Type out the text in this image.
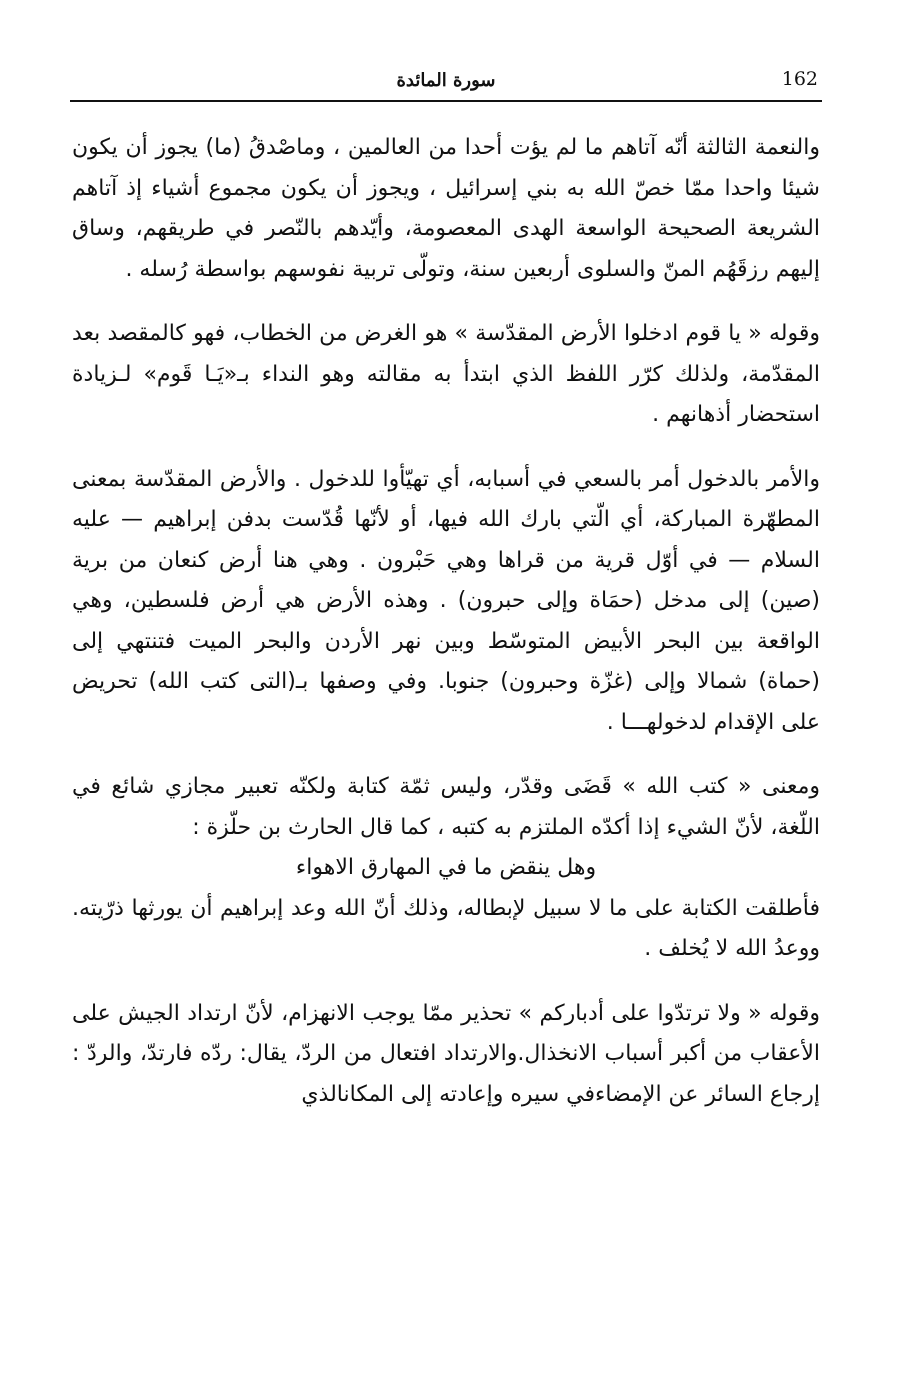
162
سورة المائدة

والنعمة الثالثة أنّه آتاهم ما لم يؤت أحدا من العالمين ، وماصْدقُ (ما) يجوز أن يكون شيئا واحدا ممّا خصّ الله به بني إسرائيل ، ويجوز أن يكون مجموع أشياء إذ آتاهم الشريعة الصحيحة الواسعة الهدى المعصومة، وأيّدهم بالنّصر في طريقهم، وساق إليهم رزقَهُم المنّ والسلوى أربعين سنة، وتولّى تربية نفوسهم بواسطة رُسله .

وقوله « يا قوم ادخلوا الأرض المقدّسة » هو الغرض من الخطاب، فهو كالمقصد بعد المقدّمة، ولذلك كرّر اللفظ الذي ابتدأ به مقالته وهو النداء بـ«يَـا قَوم» لـزيادة استحضار أذهانهم .

والأمر بالدخول أمر بالسعي في أسبابه، أي تهيّأوا للدخول . والأرض المقدّسة بمعنى المطهّرة المباركة، أي الّتي بارك الله فيها، أو لأنّها قُدّست بدفن إبراهيم — عليه السلام — في أوّل قرية من قراها وهي حَبْرون . وهي هنا أرض كنعان من برية (صين) إلى مدخل (حمَاة وإلى حبرون) . وهذه الأرض هي أرض فلسطين، وهي الواقعة بين البحر الأبيض المتوسّط وبين نهر الأردن والبحر الميت فتنتهي إلى (حماة) شمالا وإلى (غزّة وحبرون) جنوبا. وفي وصفها بـ(التى كتب الله) تحريض على الإقدام لدخولهـــا .

ومعنى « كتب الله » قَضَى وقدّر، وليس ثمّة كتابة ولكنّه تعبير مجازي شائع في اللّغة، لأنّ الشيء إذا أكدّه الملتزم به كتبه ، كما قال الحارث بن حلّزة :

وهل ينقض ما في المهارق الاهواء

فأطلقت الكتابة على ما لا سبيل لإبطاله، وذلك أنّ الله وعد إبراهيم أن يورثها ذرّيته. ووعدُ الله لا يُخلف .

وقوله « ولا ترتدّوا على أدباركم » تحذير ممّا يوجب الانهزام، لأنّ ارتداد الجيش على الأعقاب من أكبر أسباب الانخذال.والارتداد افتعال من الردّ، يقال: ردّه فارتدّ، والردّ : إرجاع السائر عن الإمضاءفي سيره وإعادته إلى المكانالذي
